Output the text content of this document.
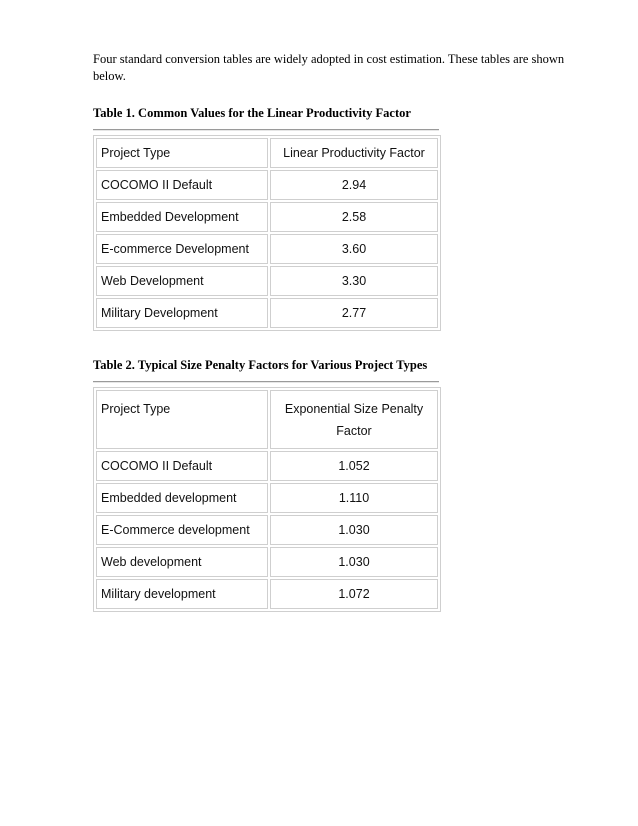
Four standard conversion tables are widely adopted in cost estimation. These tables are shown below.

Table 1. Common Values for the Linear Productivity Factor

Project Type	Linear Productivity Factor
COCOMO II Default	2.94
Embedded Development	2.58
E-commerce Development	3.60
Web Development	3.30
Military Development	2.77

Table 2. Typical Size Penalty Factors for Various Project Types

Project Type	Exponential Size Penalty Factor
COCOMO II Default	1.052
Embedded development	1.110
E-Commerce development	1.030
Web development	1.030
Military development	1.072
